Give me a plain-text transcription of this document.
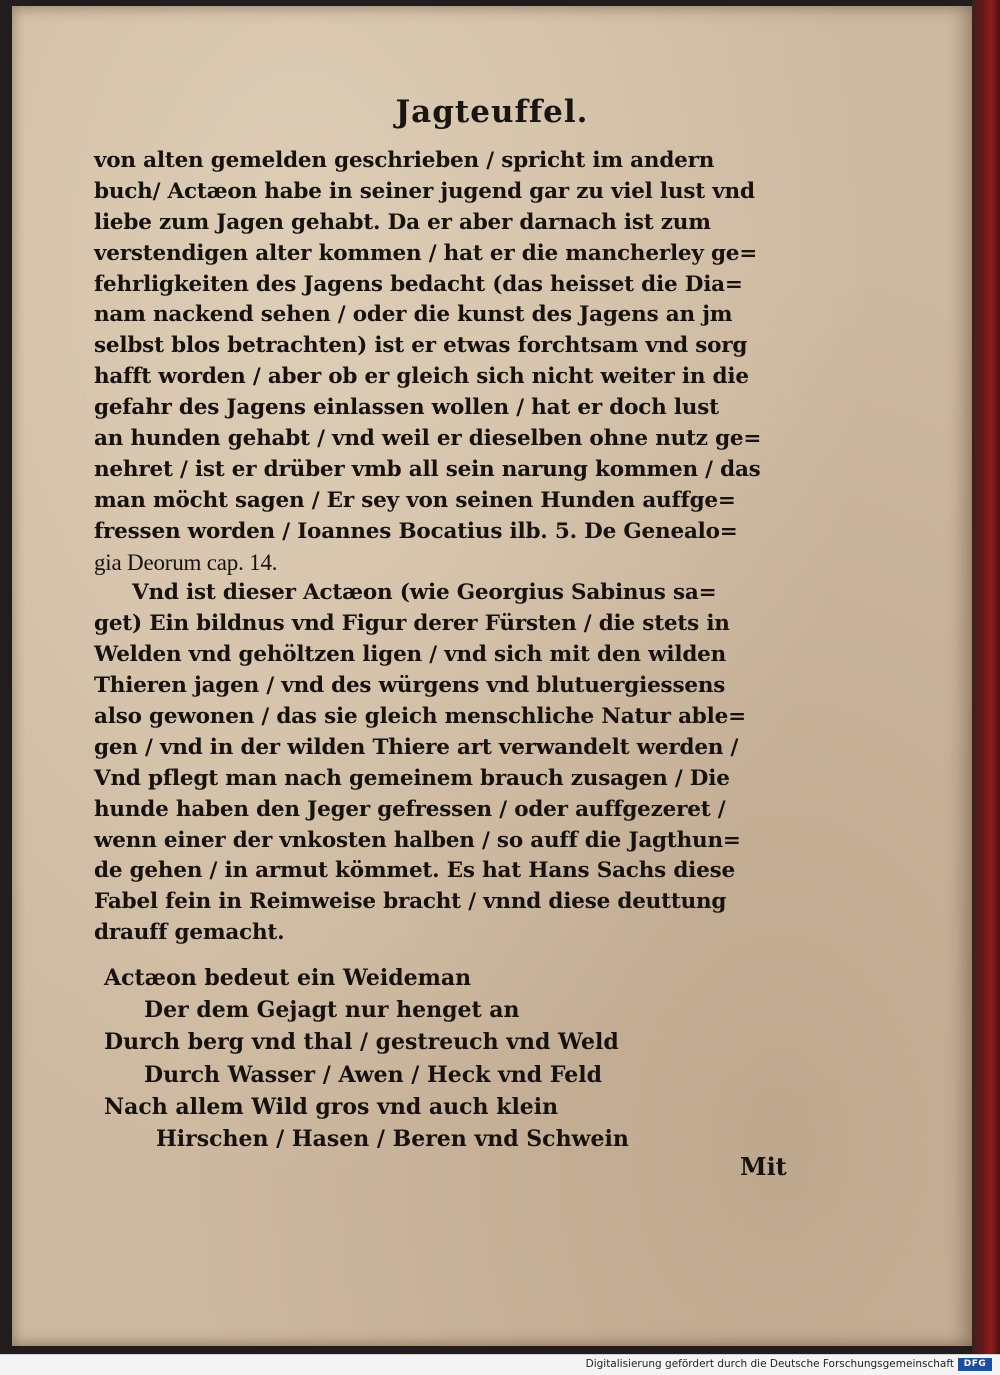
Jagteuffel.
von alten gemelden geschrieben / spricht im andern
buch/ Actæon habe in seiner jugend gar zu viel lust vnd
liebe zum Jagen gehabt. Da er aber darnach ist zum
verstendigen alter kommen / hat er die mancherley ge=
fehrligkeiten des Jagens bedacht (das heisset die Dia=
nam nackend sehen / oder die kunst des Jagens an jm
selbst blos betrachten) ist er etwas forchtsam vnd sorg
hafft worden / aber ob er gleich sich nicht weiter in die
gefahr des Jagens einlassen wollen / hat er doch lust
an hunden gehabt / vnd weil er dieselben ohne nutz ge=
nehret / ist er drüber vmb all sein narung kommen / das
man möcht sagen / Er sey von seinen Hunden auffge=
fressen worden / Ioannes Bocatius ilb. 5. De Genealo=
gia Deorum cap. 14.
Vnd ist dieser Actæon (wie Georgius Sabinus sa=
get) Ein bildnus vnd Figur derer Fürsten / die stets in
Welden vnd gehöltzen ligen / vnd sich mit den wilden
Thieren jagen / vnd des würgens vnd blutuergiessens
also gewonen / das sie gleich menschliche Natur able=
gen / vnd in der wilden Thiere art verwandelt werden /
Vnd pflegt man nach gemeinem brauch zusagen / Die
hunde haben den Jeger gefressen / oder auffgezeret /
wenn einer der vnkosten halben / so auff die Jagthun=
de gehen / in armut kömmet. Es hat Hans Sachs diese
Fabel fein in Reimweise bracht / vnnd diese deuttung
drauff gemacht.
Actæon bedeut ein Weideman
Der dem Gejagt nur henget an
Durch berg vnd thal / gestreuch vnd Weld
Durch Wasser / Awen / Heck vnd Feld
Nach allem Wild gros vnd auch klein
Hirschen / Hasen / Beren vnd Schwein
Mit
Digitalisierung gefördert durch die Deutsche Forschungsgemeinschaft	DFG
